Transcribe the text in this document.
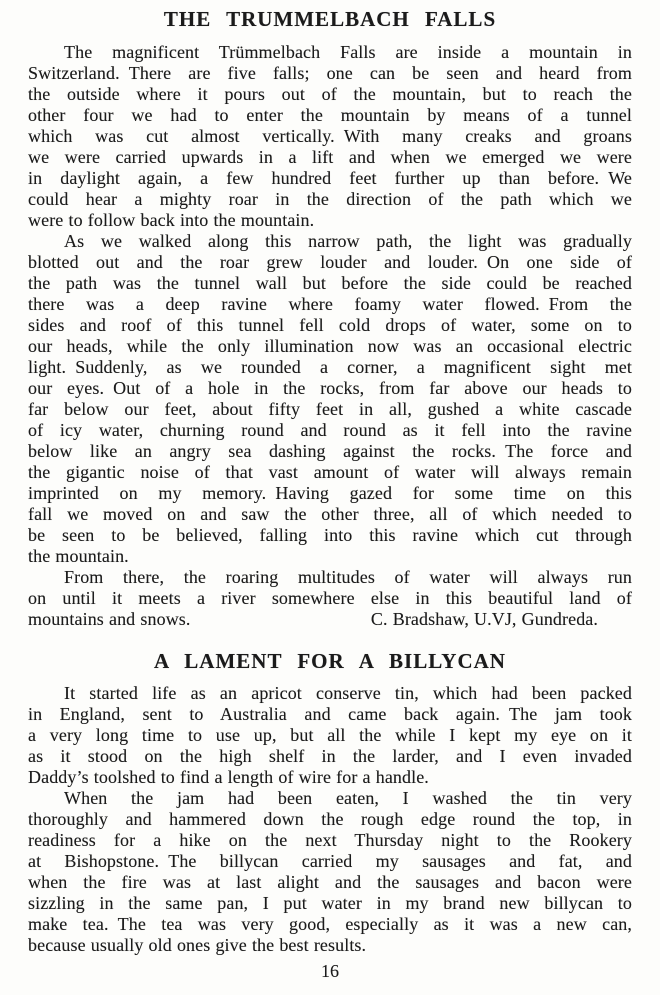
THE TRUMMELBACH FALLS
The magnificent Trümmelbach Falls are inside a mountain in
Switzerland. There are five falls; one can be seen and heard from
the outside where it pours out of the mountain, but to reach the
other four we had to enter the mountain by means of a tunnel
which was cut almost vertically. With many creaks and groans
we were carried upwards in a lift and when we emerged we were
in daylight again, a few hundred feet further up than before. We
could hear a mighty roar in the direction of the path which we
were to follow back into the mountain.
As we walked along this narrow path, the light was gradually
blotted out and the roar grew louder and louder. On one side of
the path was the tunnel wall but before the side could be reached
there was a deep ravine where foamy water flowed. From the
sides and roof of this tunnel fell cold drops of water, some on to
our heads, while the only illumination now was an occasional electric
light. Suddenly, as we rounded a corner, a magnificent sight met
our eyes. Out of a hole in the rocks, from far above our heads to
far below our feet, about fifty feet in all, gushed a white cascade
of icy water, churning round and round as it fell into the ravine
below like an angry sea dashing against the rocks. The force and
the gigantic noise of that vast amount of water will always remain
imprinted on my memory. Having gazed for some time on this
fall we moved on and saw the other three, all of which needed to
be seen to be believed, falling into this ravine which cut through
the mountain.
From there, the roaring multitudes of water will always run
on until it meets a river somewhere else in this beautiful land of
mountains and snows.	C. Bradshaw, U.VJ, Gundreda.
A LAMENT FOR A BILLYCAN
It started life as an apricot conserve tin, which had been packed
in England, sent to Australia and came back again. The jam took
a very long time to use up, but all the while I kept my eye on it
as it stood on the high shelf in the larder, and I even invaded
Daddy’s toolshed to find a length of wire for a handle.
When the jam had been eaten, I washed the tin very
thoroughly and hammered down the rough edge round the top, in
readiness for a hike on the next Thursday night to the Rookery
at Bishopstone. The billycan carried my sausages and fat, and
when the fire was at last alight and the sausages and bacon were
sizzling in the same pan, I put water in my brand new billycan to
make tea. The tea was very good, especially as it was a new can,
because usually old ones give the best results.
16
